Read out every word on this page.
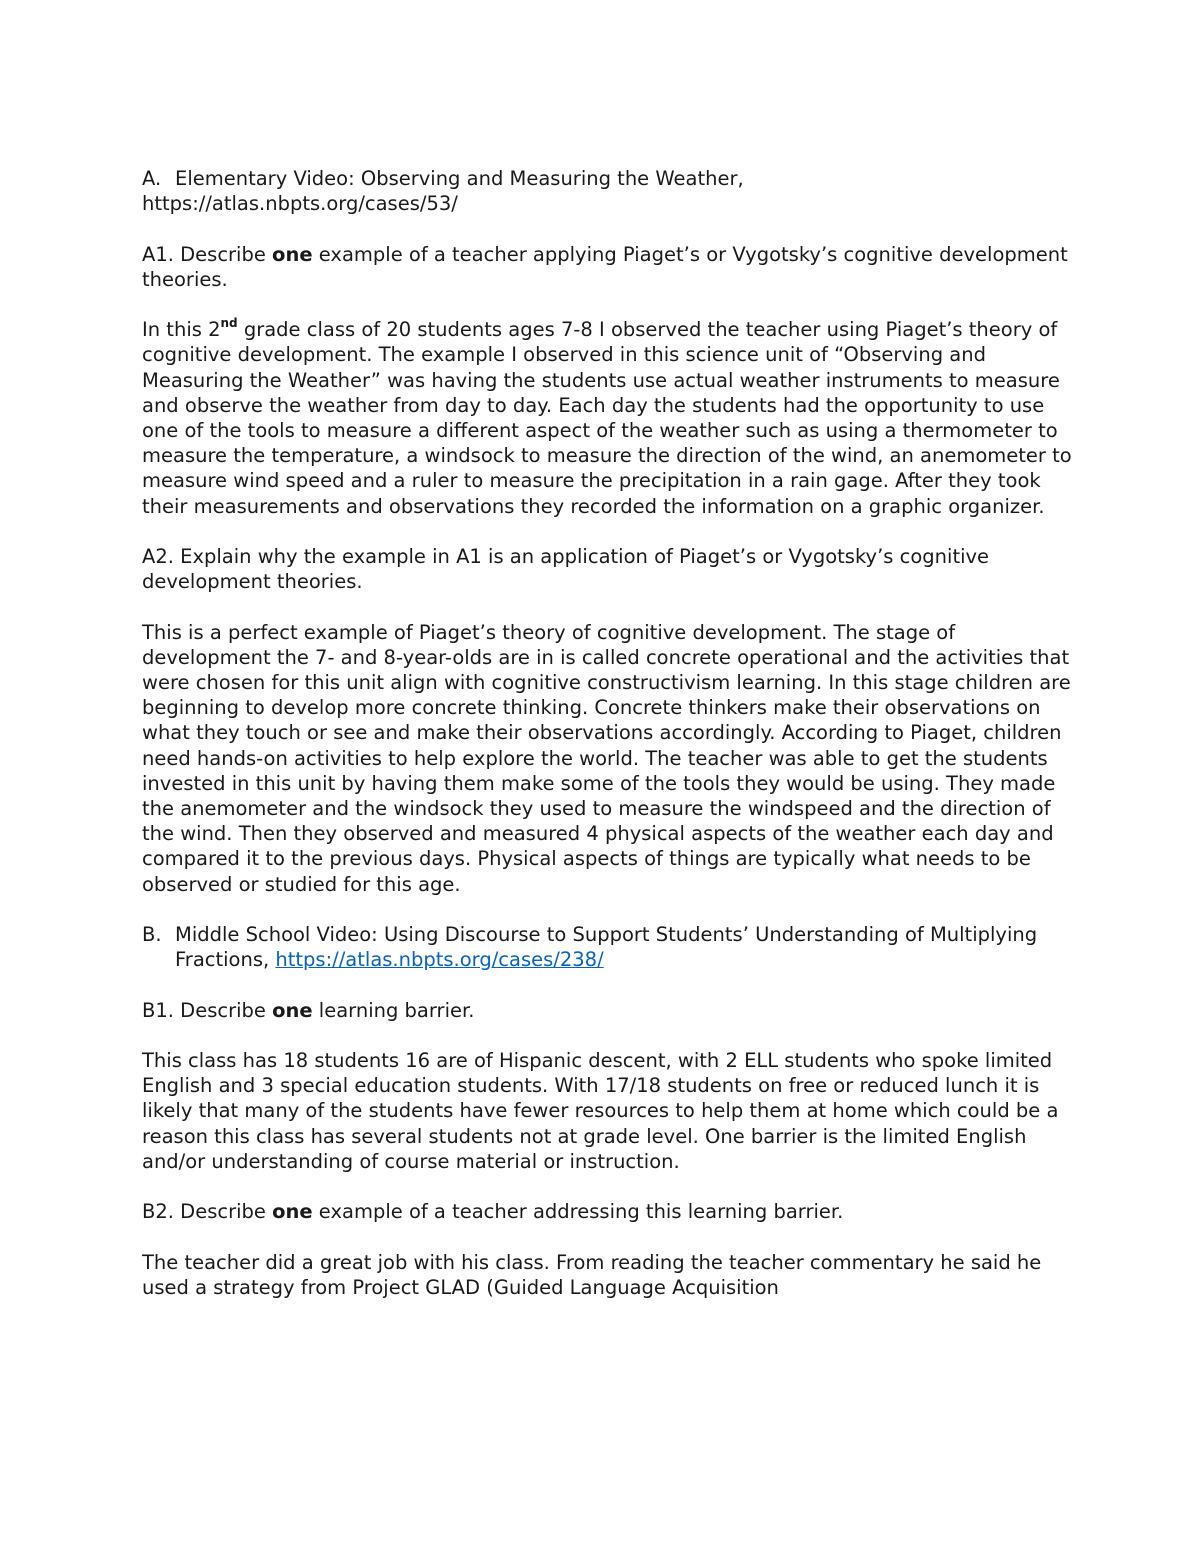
A. Elementary Video: Observing and Measuring the Weather,
https://atlas.nbpts.org/cases/53/

A1. Describe one example of a teacher applying Piaget’s or Vygotsky’s cognitive development theories.

In this 2nd grade class of 20 students ages 7-8 I observed the teacher using Piaget’s theory of cognitive development. The example I observed in this science unit of “Observing and Measuring the Weather” was having the students use actual weather instruments to measure and observe the weather from day to day. Each day the students had the opportunity to use one of the tools to measure a different aspect of the weather such as using a thermometer to measure the temperature, a windsock to measure the direction of the wind, an anemometer to measure wind speed and a ruler to measure the precipitation in a rain gage. After they took their measurements and observations they recorded the information on a graphic organizer.

A2. Explain why the example in A1 is an application of Piaget’s or Vygotsky’s cognitive development theories.

This is a perfect example of Piaget’s theory of cognitive development. The stage of development the 7- and 8-year-olds are in is called concrete operational and the activities that were chosen for this unit align with cognitive constructivism learning. In this stage children are beginning to develop more concrete thinking. Concrete thinkers make their observations on what they touch or see and make their observations accordingly. According to Piaget, children need hands-on activities to help explore the world. The teacher was able to get the students invested in this unit by having them make some of the tools they would be using. They made the anemometer and the windsock they used to measure the windspeed and the direction of the wind. Then they observed and measured 4 physical aspects of the weather each day and compared it to the previous days. Physical aspects of things are typically what needs to be observed or studied for this age.

B. Middle School Video: Using Discourse to Support Students’ Understanding of Multiplying Fractions, https://atlas.nbpts.org/cases/238/

B1. Describe one learning barrier.

This class has 18 students 16 are of Hispanic descent, with 2 ELL students who spoke limited English and 3 special education students. With 17/18 students on free or reduced lunch it is likely that many of the students have fewer resources to help them at home which could be a reason this class has several students not at grade level. One barrier is the limited English and/or understanding of course material or instruction.

B2. Describe one example of a teacher addressing this learning barrier.

The teacher did a great job with his class. From reading the teacher commentary he said he used a strategy from Project GLAD (Guided Language Acquisition
